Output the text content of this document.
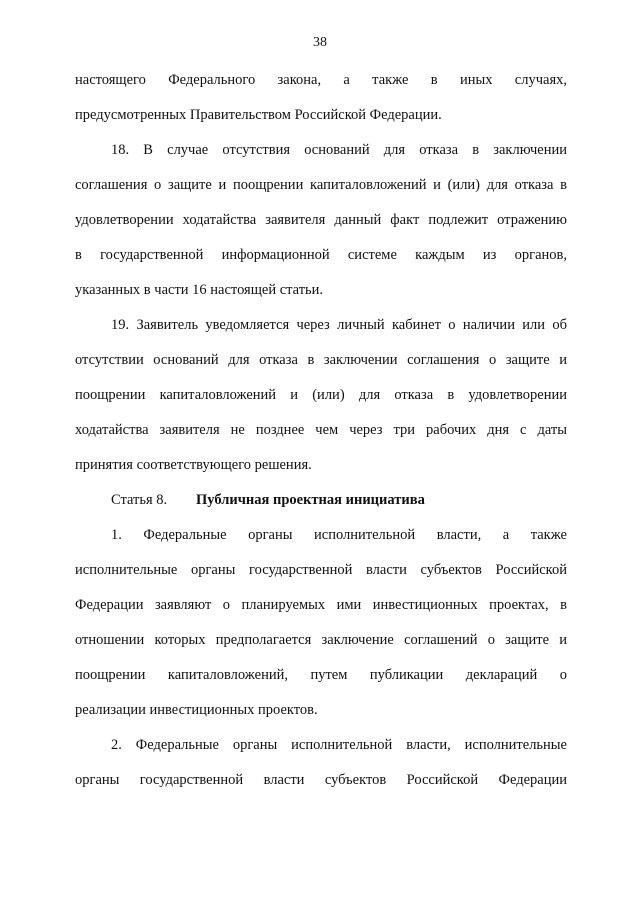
38
настоящего Федерального закона, а также в иных случаях,
предусмотренных Правительством Российской Федерации.
18. В случае отсутствия оснований для отказа в заключении
соглашения о защите и поощрении капиталовложений и (или) для отказа в
удовлетворении ходатайства заявителя данный факт подлежит отражению
в государственной информационной системе каждым из органов,
указанных в части 16 настоящей статьи.
19. Заявитель уведомляется через личный кабинет о наличии или об
отсутствии оснований для отказа в заключении соглашения о защите и
поощрении капиталовложений и (или) для отказа в удовлетворении
ходатайства заявителя не позднее чем через три рабочих дня с даты
принятия соответствующего решения.
Статья 8. Публичная проектная инициатива
1. Федеральные органы исполнительной власти, а также
исполнительные органы государственной власти субъектов Российской
Федерации заявляют о планируемых ими инвестиционных проектах, в
отношении которых предполагается заключение соглашений о защите и
поощрении капиталовложений, путем публикации деклараций о
реализации инвестиционных проектов.
2. Федеральные органы исполнительной власти, исполнительные
органы государственной власти субъектов Российской Федерации
